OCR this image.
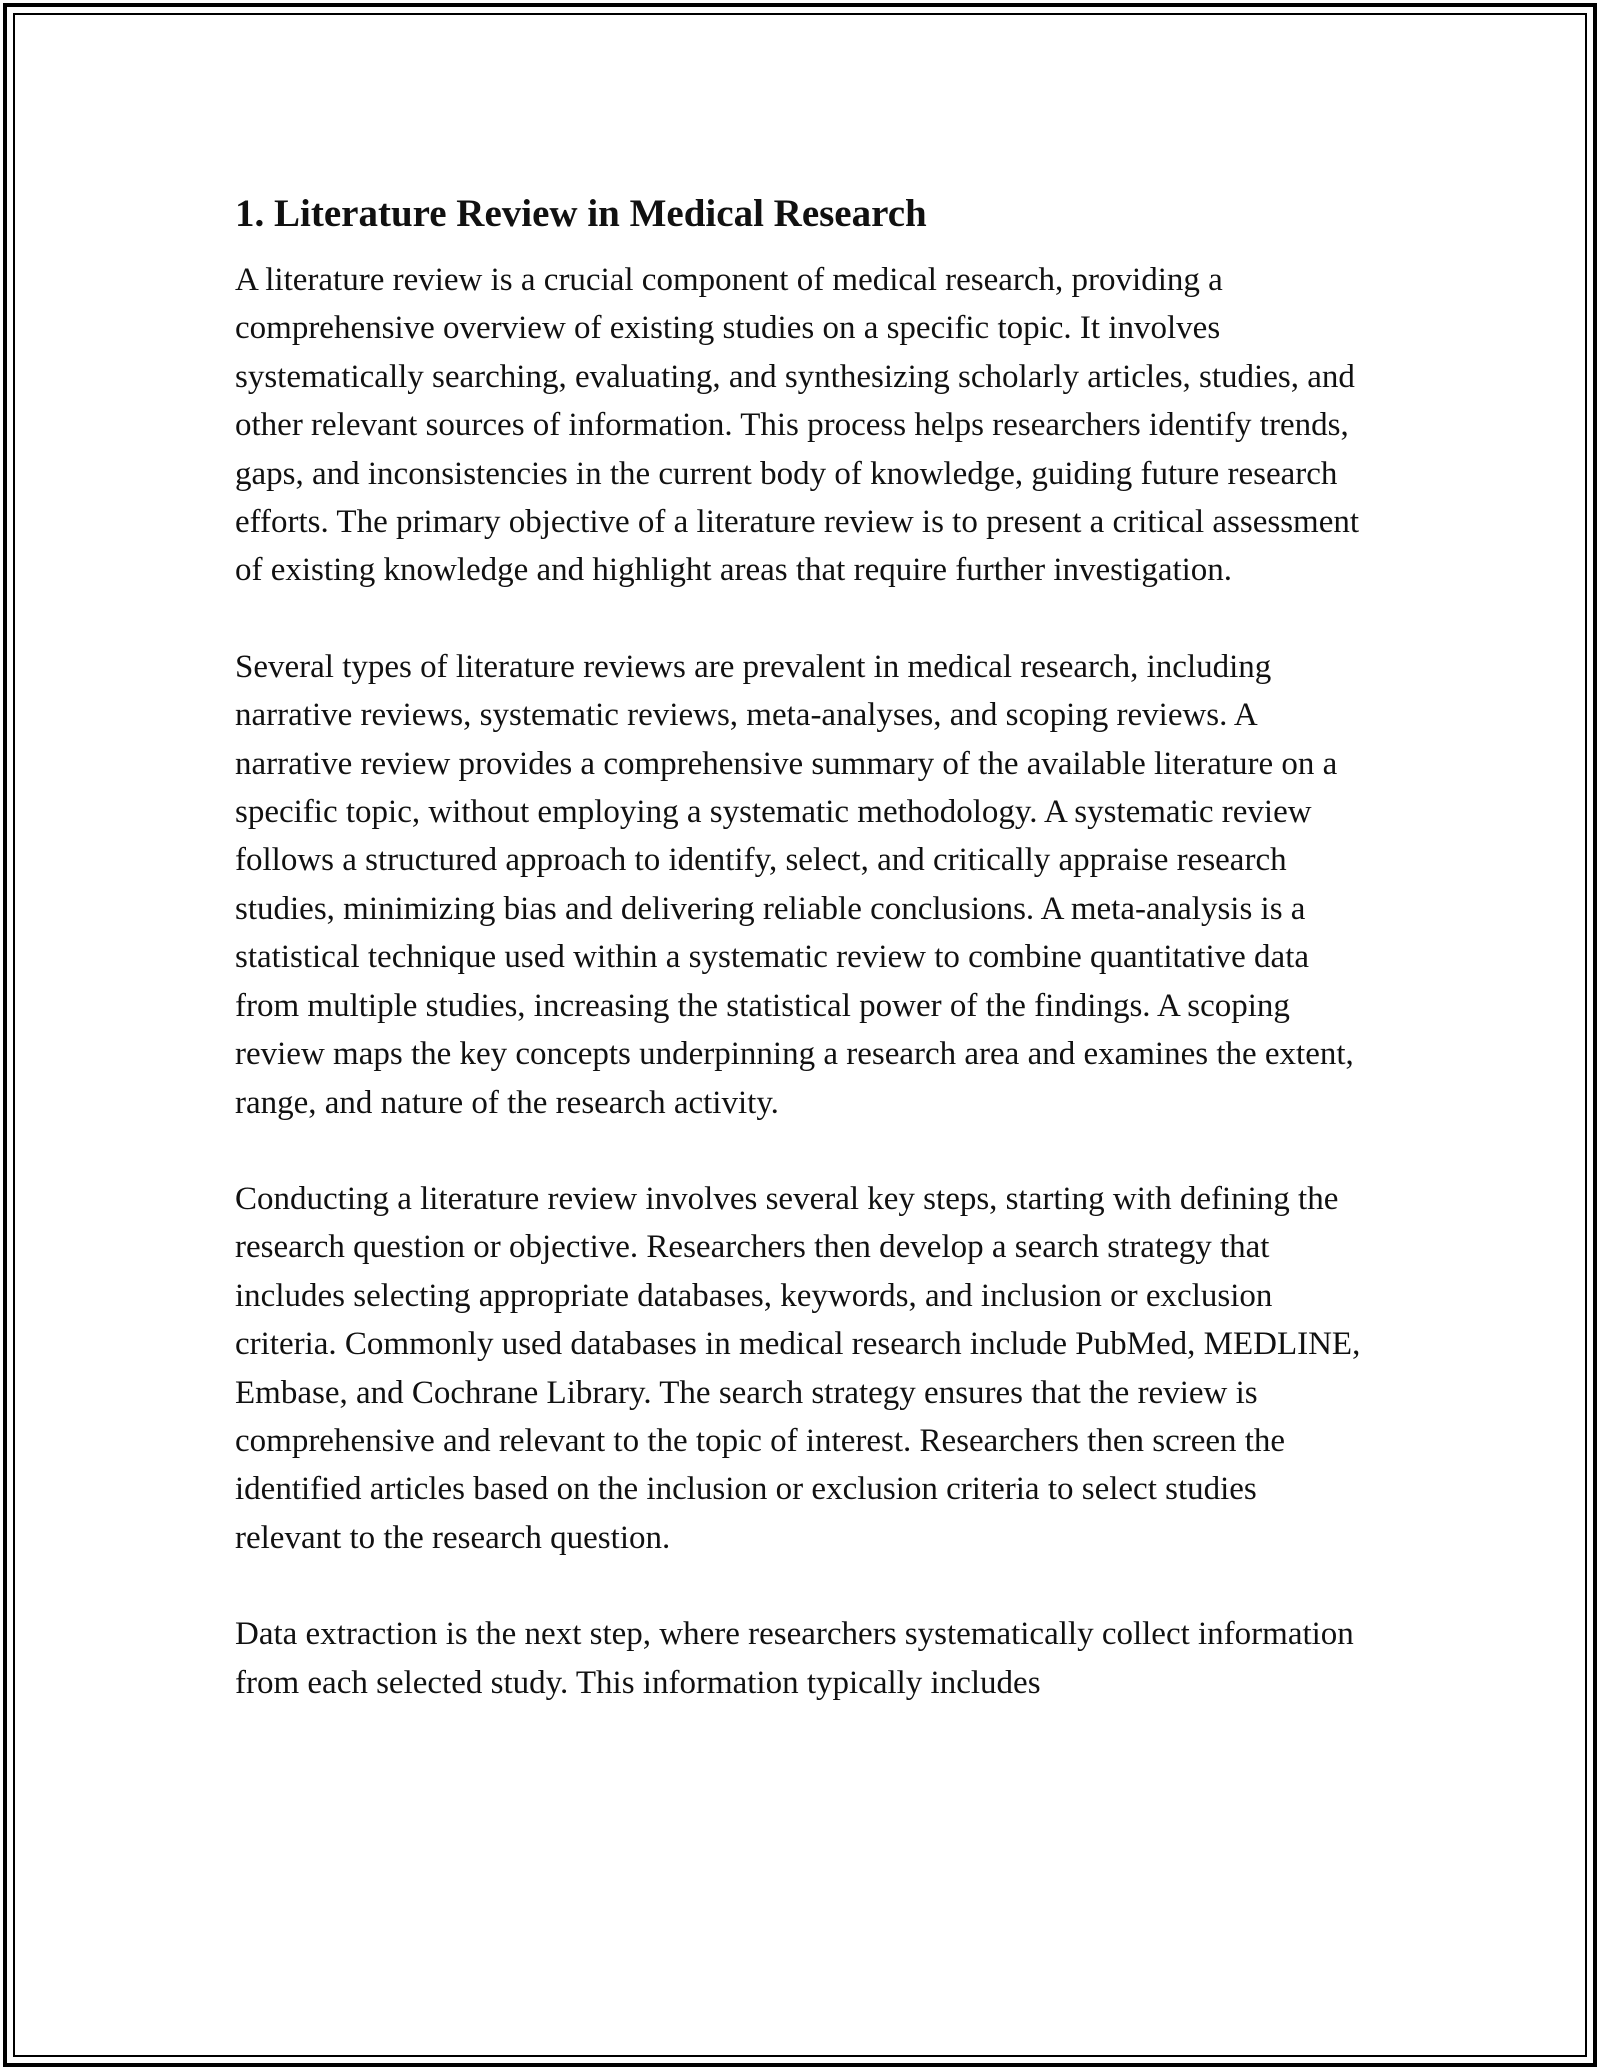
1. Literature Review in Medical Research

A literature review is a crucial component of medical research, providing a comprehensive overview of existing studies on a specific topic. It involves systematically searching, evaluating, and synthesizing scholarly articles, studies, and other relevant sources of information. This process helps researchers identify trends, gaps, and inconsistencies in the current body of knowledge, guiding future research efforts. The primary objective of a literature review is to present a critical assessment of existing knowledge and highlight areas that require further investigation.

Several types of literature reviews are prevalent in medical research, including narrative reviews, systematic reviews, meta-analyses, and scoping reviews. A narrative review provides a comprehensive summary of the available literature on a specific topic, without employing a systematic methodology. A systematic review follows a structured approach to identify, select, and critically appraise research studies, minimizing bias and delivering reliable conclusions. A meta-analysis is a statistical technique used within a systematic review to combine quantitative data from multiple studies, increasing the statistical power of the findings. A scoping review maps the key concepts underpinning a research area and examines the extent, range, and nature of the research activity.

Conducting a literature review involves several key steps, starting with defining the research question or objective. Researchers then develop a search strategy that includes selecting appropriate databases, keywords, and inclusion or exclusion criteria. Commonly used databases in medical research include PubMed, MEDLINE, Embase, and Cochrane Library. The search strategy ensures that the review is comprehensive and relevant to the topic of interest. Researchers then screen the identified articles based on the inclusion or exclusion criteria to select studies relevant to the research question.

Data extraction is the next step, where researchers systematically collect information from each selected study. This information typically includes
